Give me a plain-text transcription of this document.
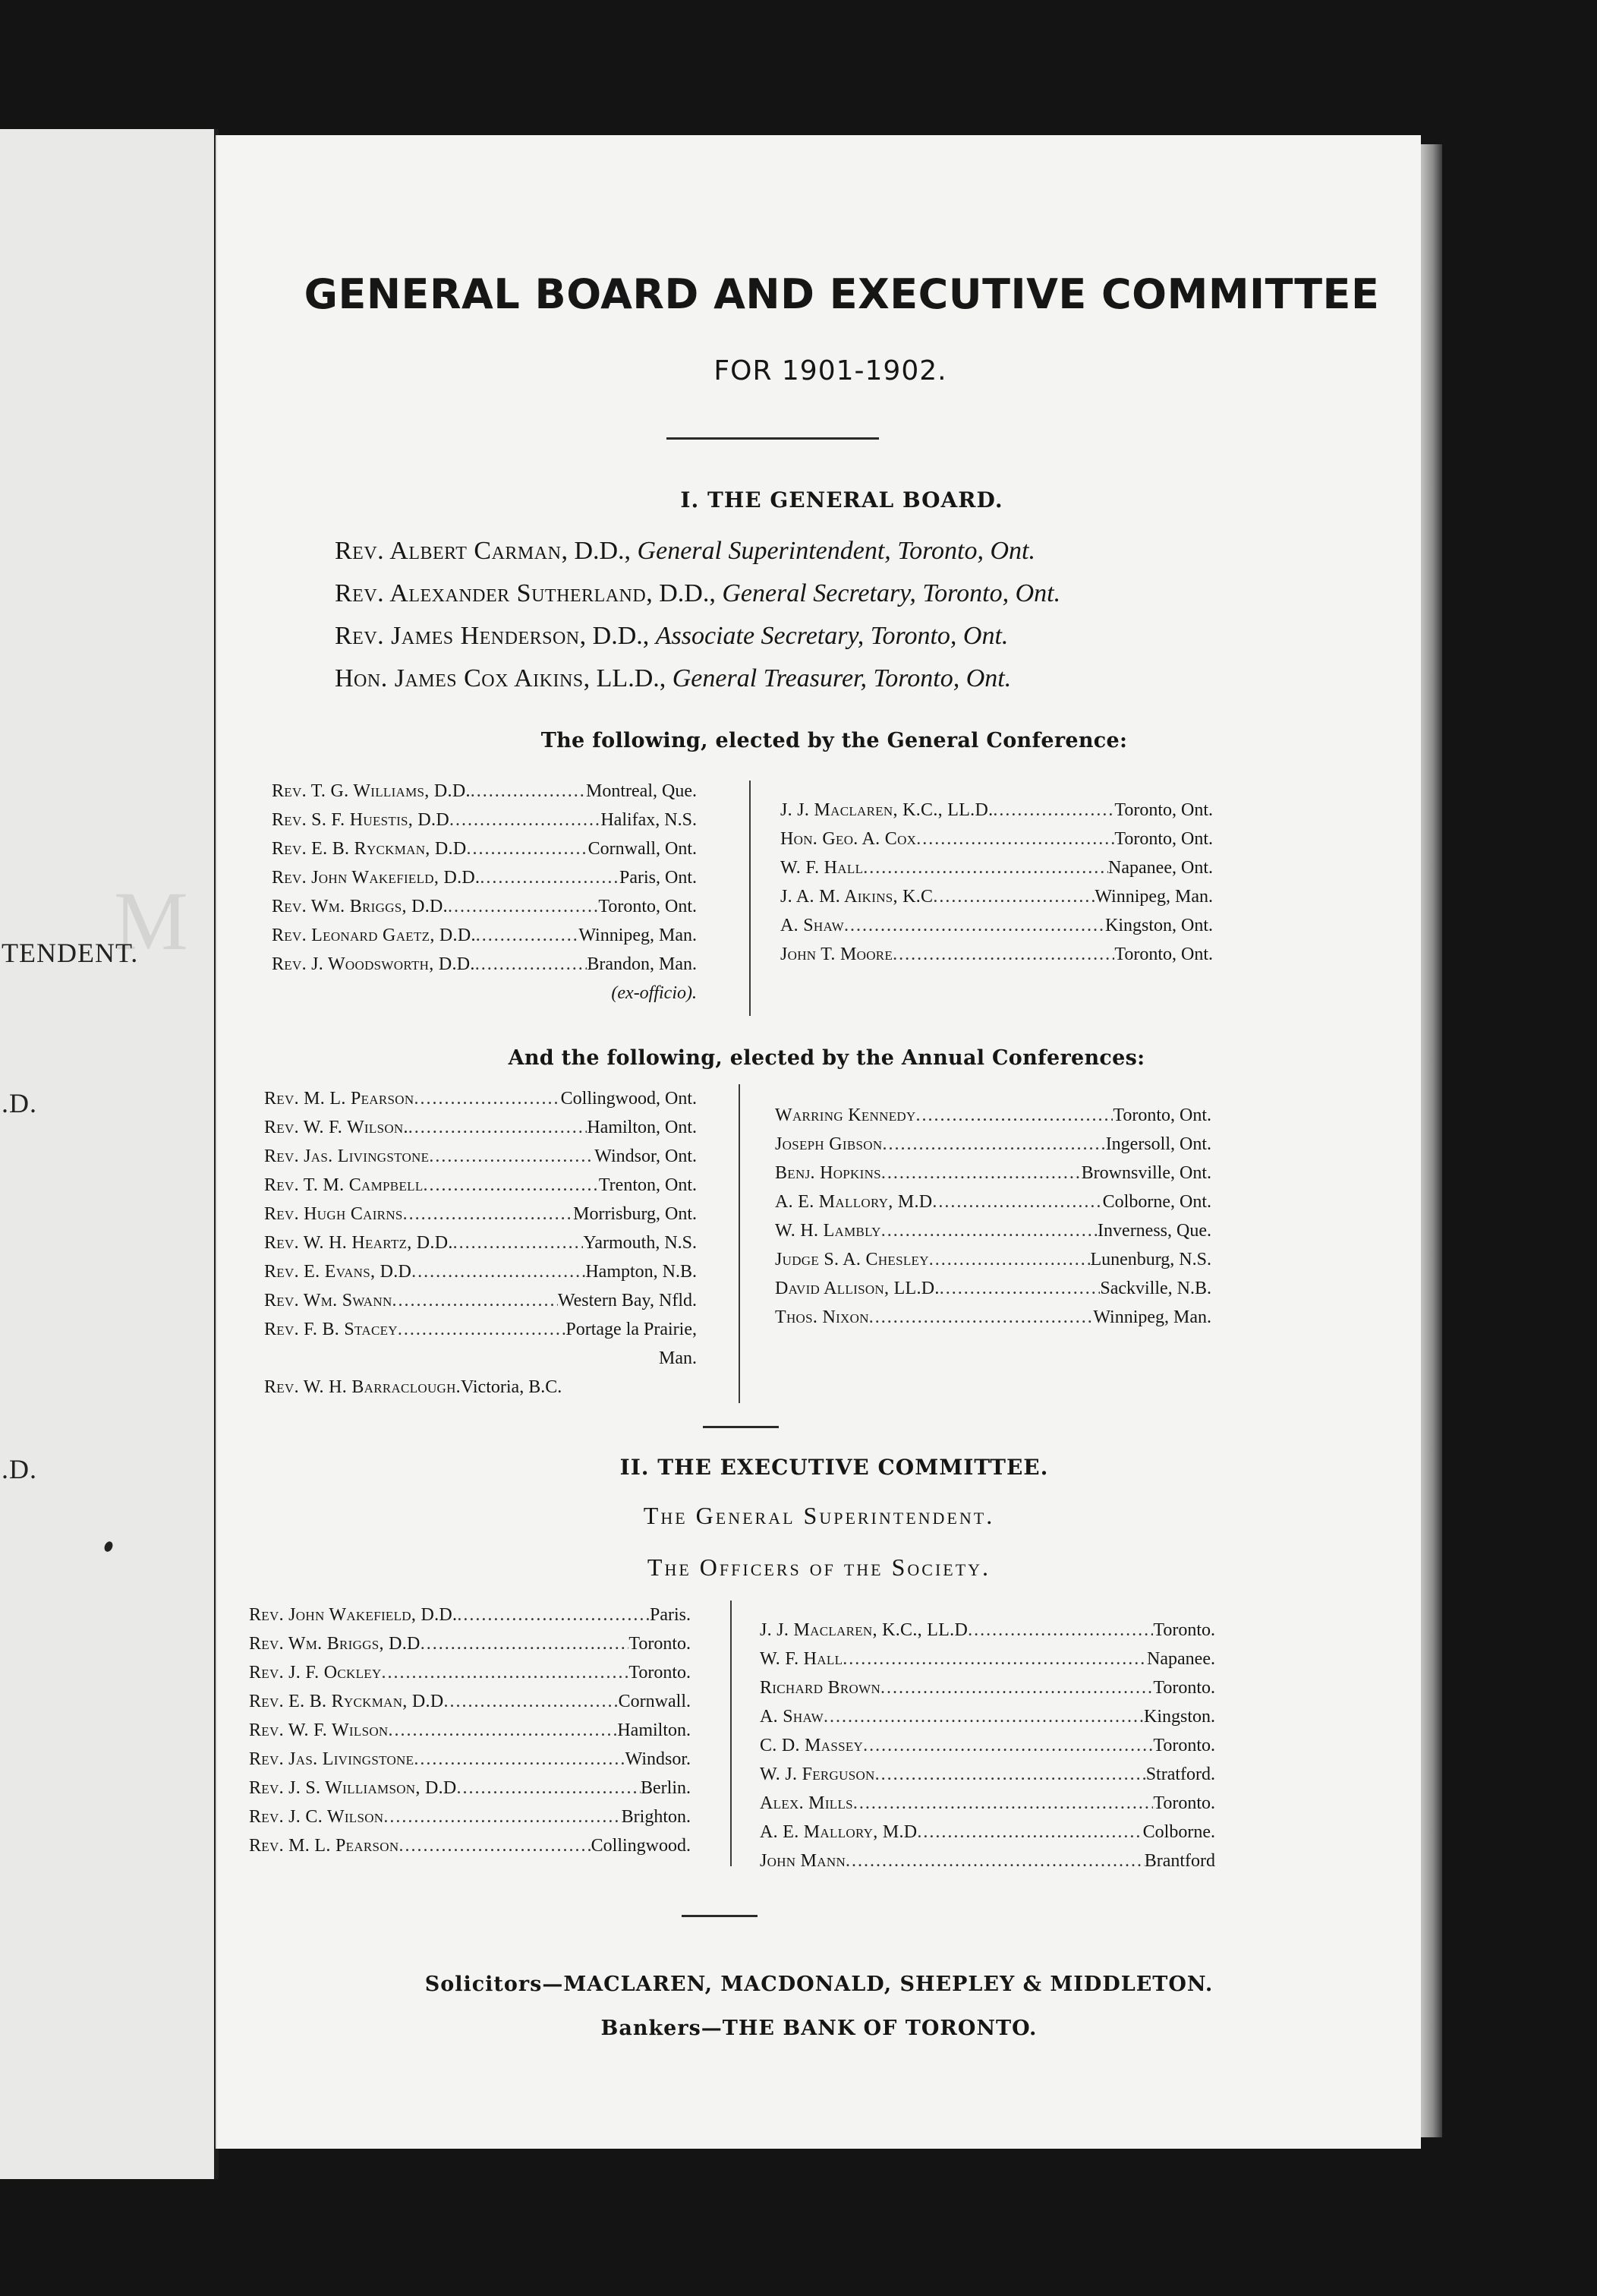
M
TENDENT.
.D.
.D.
GENERAL BOARD AND EXECUTIVE COMMITTEE
FOR 1901-1902.
I. THE GENERAL BOARD.
Rev. Albert Carman, D.D., General Superintendent, Toronto, Ont.
Rev. Alexander Sutherland, D.D., General Secretary, Toronto, Ont.
Rev. James Henderson, D.D., Associate Secretary, Toronto, Ont.
Hon. James Cox Aikins, LL.D., General Treasurer, Toronto, Ont.
The following, elected by the General Conference:
Rev. T. G. Williams, D.D. .....	Montreal, Que.
Rev. S. F. Huestis, D.D .....	Halifax, N.S.
Rev. E. B. Ryckman, D.D .....	Cornwall, Ont.
Rev. John Wakefield, D.D. .....	Paris, Ont.
Rev. Wm. Briggs, D.D. .....	Toronto, Ont.
Rev. Leonard Gaetz, D.D. .....	Winnipeg, Man.
Rev. J. Woodsworth, D.D. .....	Brandon, Man.
(ex-officio).
J. J. Maclaren, K.C., LL.D. .....	Toronto, Ont.
Hon. Geo. A. Cox .....	Toronto, Ont.
W. F. Hall .....	Napanee, Ont.
J. A. M. Aikins, K.C .....	Winnipeg, Man.
A. Shaw .....	Kingston, Ont.
John T. Moore .....	Toronto, Ont.
And the following, elected by the Annual Conferences:
Rev. M. L. Pearson .....	Collingwood, Ont.
Rev. W. F. Wilson. .....	Hamilton, Ont.
Rev. Jas. Livingstone .....	Windsor, Ont.
Rev. T. M. Campbell .....	Trenton, Ont.
Rev. Hugh Cairns .....	Morrisburg, Ont.
Rev. W. H. Heartz, D.D. .....	Yarmouth, N.S.
Rev. E. Evans, D.D .....	Hampton, N.B.
Rev. Wm. Swann .....	Western Bay, Nfld.
Rev. F. B. Stacey .....	Portage la Prairie,
Man.
Rev. W. H. Barraclough. Victoria, B.C.
Warring Kennedy .....	Toronto, Ont.
Joseph Gibson .....	Ingersoll, Ont.
Benj. Hopkins .....	Brownsville, Ont.
A. E. Mallory, M.D .....	Colborne, Ont.
W. H. Lambly .....	Inverness, Que.
Judge S. A. Chesley .....	Lunenburg, N.S.
David Allison, LL.D. .....	Sackville, N.B.
Thos. Nixon .....	Winnipeg, Man.
II. THE EXECUTIVE COMMITTEE.
The General Superintendent.
The Officers of the Society.
Rev. John Wakefield, D.D. .....	Paris.
Rev. Wm. Briggs, D.D .....	Toronto.
Rev. J. F. Ockley .....	Toronto.
Rev. E. B. Ryckman, D.D .....	Cornwall.
Rev. W. F. Wilson .....	Hamilton.
Rev. Jas. Livingstone .....	Windsor.
Rev. J. S. Williamson, D.D .....	Berlin.
Rev. J. C. Wilson .....	Brighton.
Rev. M. L. Pearson .....	Collingwood.
J. J. Maclaren, K.C., LL.D .....	Toronto.
W. F. Hall .....	Napanee.
Richard Brown .....	Toronto.
A. Shaw .....	Kingston.
C. D. Massey .....	Toronto.
W. J. Ferguson .....	Stratford.
Alex. Mills .....	Toronto.
A. E. Mallory, M.D .....	Colborne.
John Mann .....	Brantford
Solicitors—MACLAREN, MACDONALD, SHEPLEY & MIDDLETON.
Bankers—THE BANK OF TORONTO.
